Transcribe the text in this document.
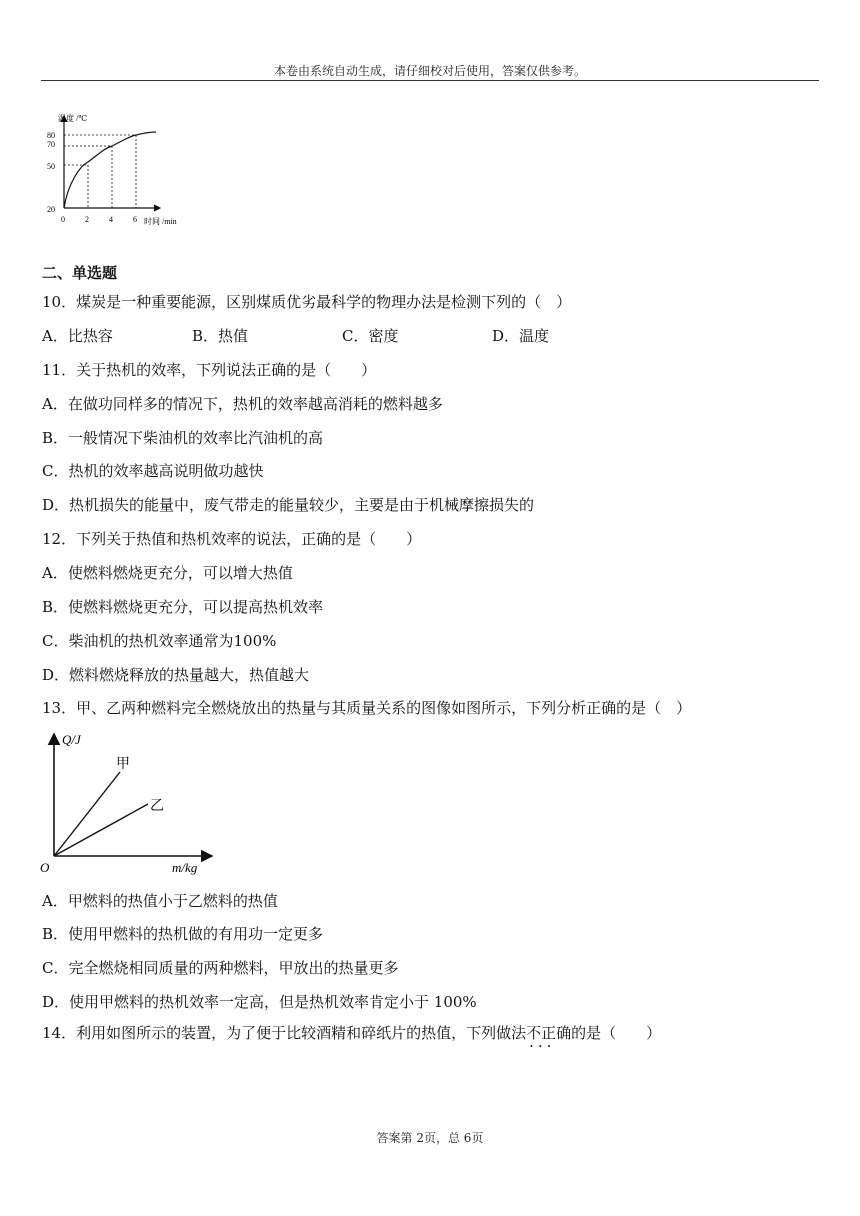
本卷由系统自动生成，请仔细校对后使用，答案仅供参考。
温度 /℃
时间 /min
80
70
50
20
0	2	4	6
二、单选题
10．煤炭是一种重要能源，区别煤质优劣最科学的物理办法是检测下列的（　）
A．比热容	B．热值	C．密度	D．温度
11．关于热机的效率，下列说法正确的是（　　）
A．在做功同样多的情况下，热机的效率越高消耗的燃料越多
B．一般情况下柴油机的效率比汽油机的高
C．热机的效率越高说明做功越快
D．热机损失的能量中，废气带走的能量较少，主要是由于机械摩擦损失的
12．下列关于热值和热机效率的说法，正确的是（　　）
A．使燃料燃烧更充分，可以增大热值
B．使燃料燃烧更充分，可以提高热机效率
C．柴油机的热机效率通常为100%
D．燃料燃烧释放的热量越大，热值越大
13．甲、乙两种燃料完全燃烧放出的热量与其质量关系的图像如图所示，下列分析正确的是（　）
Q/J
m/kg
O
甲
乙
A．甲燃料的热值小于乙燃料的热值
B．使用甲燃料的热机做的有用功一定更多
C．完全燃烧相同质量的两种燃料，甲放出的热量更多
D．使用甲燃料的热机效率一定高，但是热机效率肯定小于 100%
14．利用如图所示的装置，为了便于比较酒精和碎纸片的热值，下列做法不正确 ···的是（　　）
答案第 2页，总 6页
